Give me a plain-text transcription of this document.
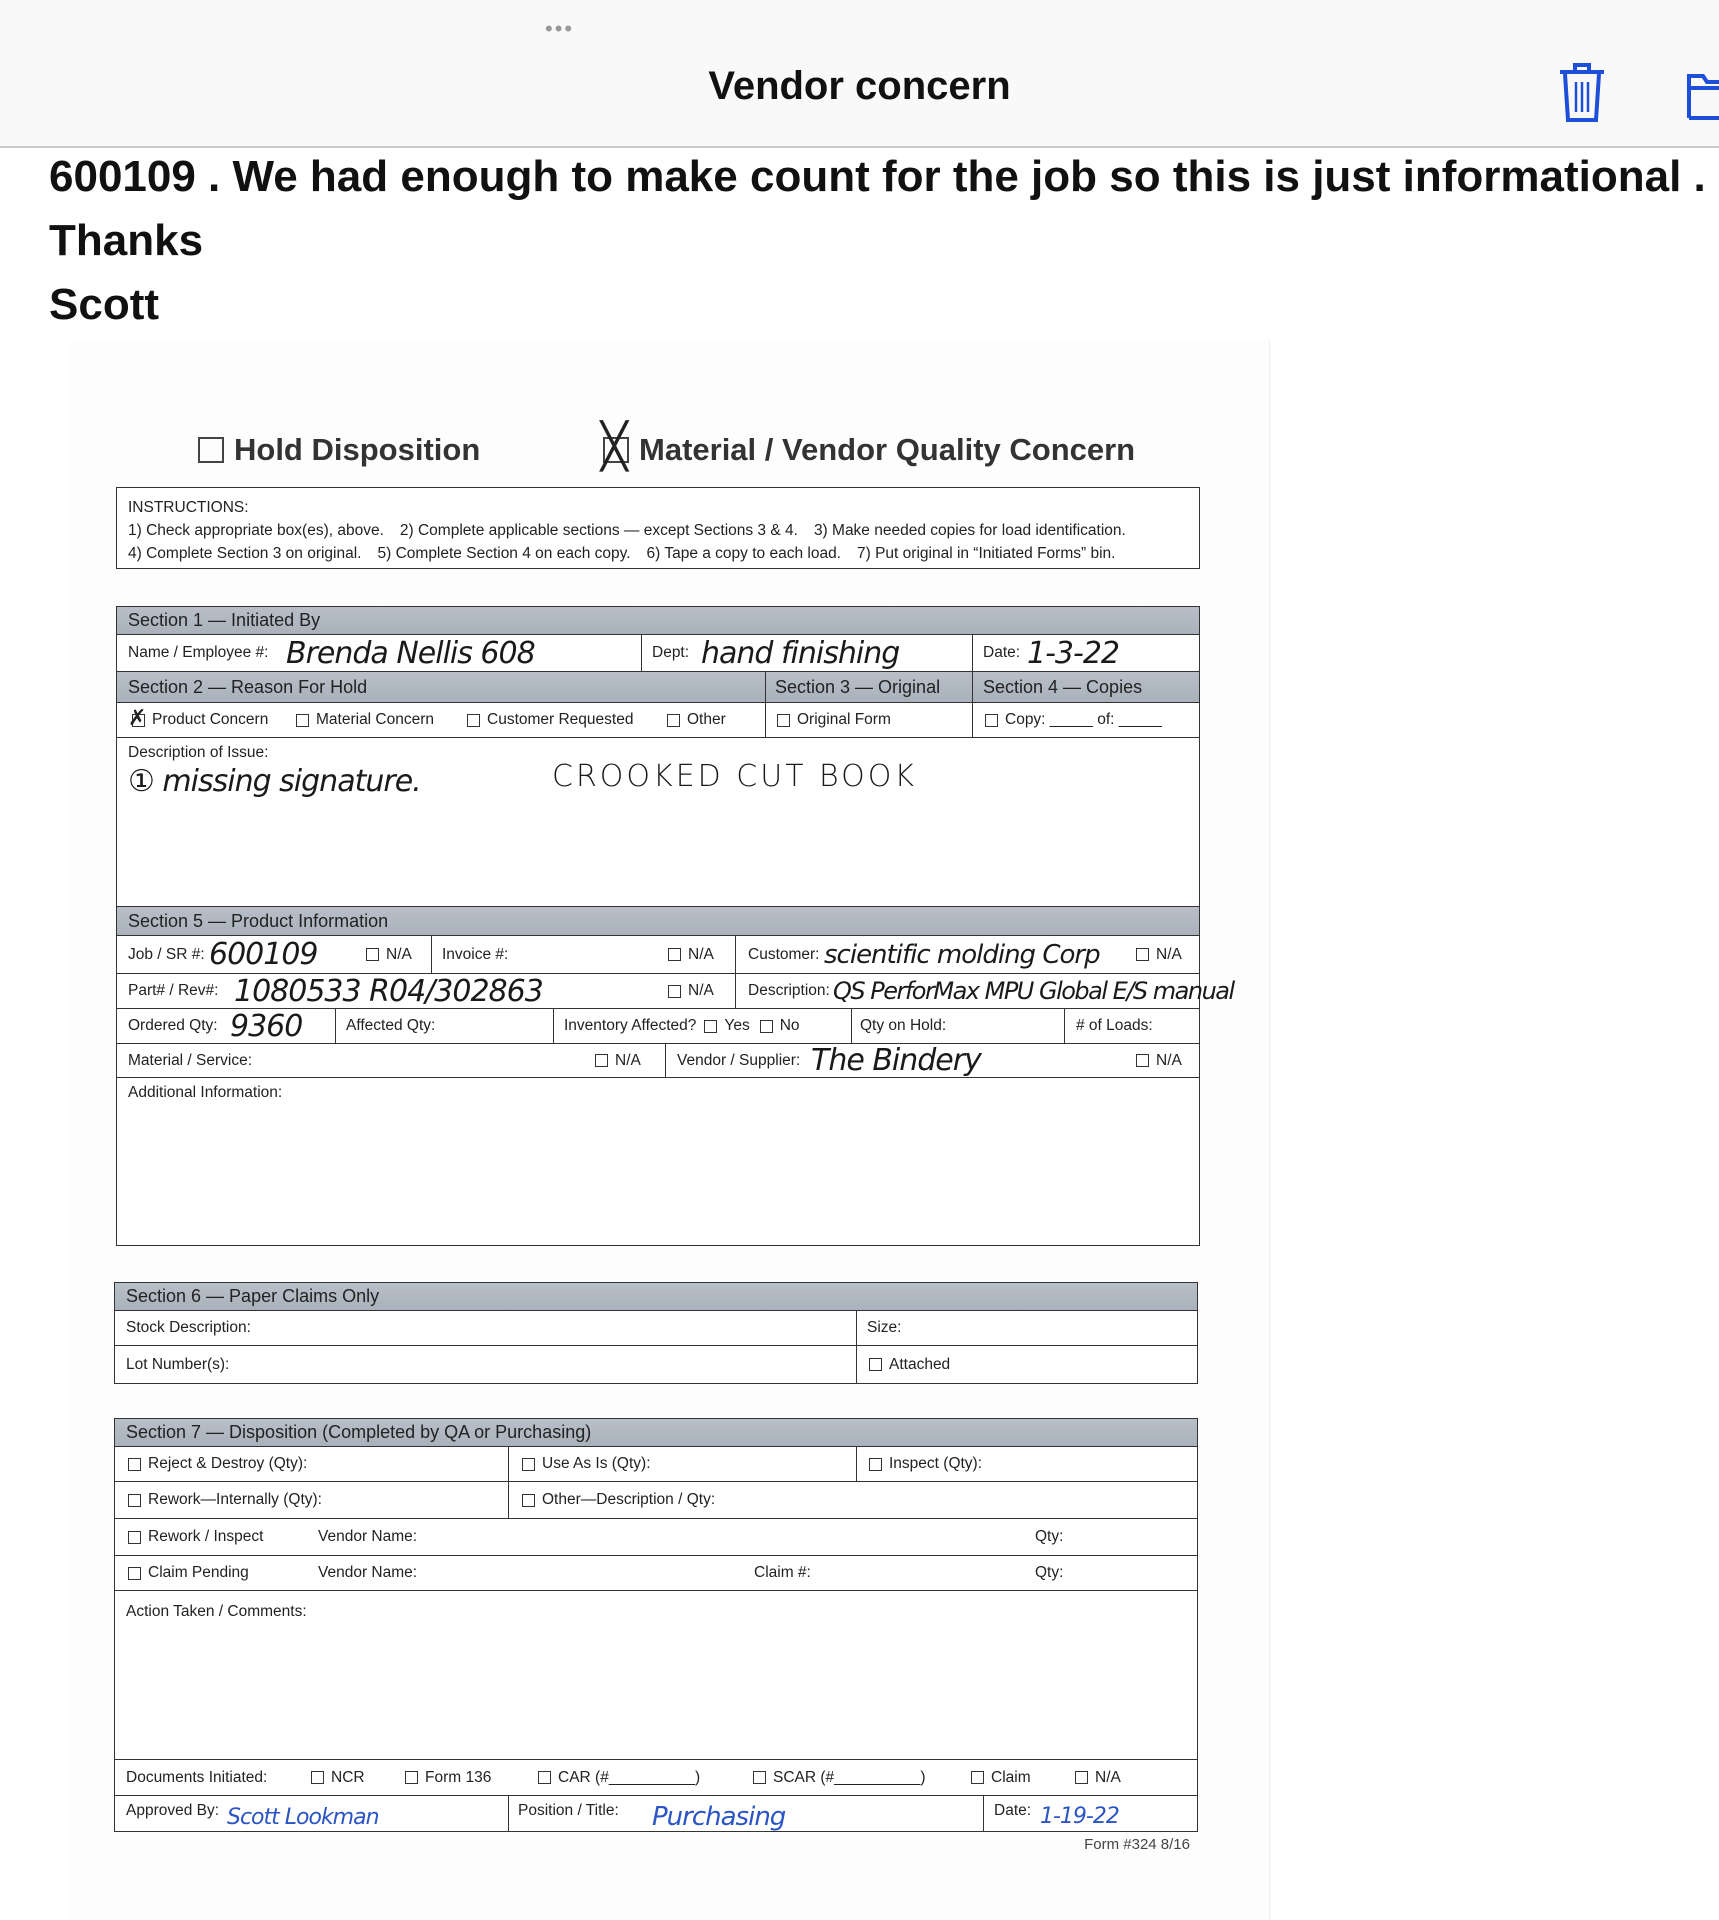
•••
Vendor concern
600109 . We had enough to make count for the job so this is just informational .
Thanks
Scott
Hold Disposition	╳ Material / Vendor Quality Concern
INSTRUCTIONS:
1) Check appropriate box(es), above. 2) Complete applicable sections — except Sections 3 & 4. 3) Make needed copies for load identification.
4) Complete Section 3 on original. 5) Complete Section 4 on each copy. 6) Tape a copy to each load. 7) Put original in “Initiated Forms” bin.
Section 1 — Initiated By
Name / Employee #: Brenda Nellis 608	Dept: hand finishing	Date: 1-3-22
Section 2 — Reason For Hold	Section 3 — Original Section 4 — Copies
✗
Product Concern	Material Concern	Customer Requested	Other	Original Form	Copy: _____ of: _____
Description of Issue:
① missing signature.	CROOKED CUT BOOK
Section 5 — Product Information
Job / SR #: 600109	N/A Invoice #:	N/A Customer: scientific molding Corp	N/A
Part# / Rev#: 1080533 R04/302863	N/A Description: QS PerforMax MPU Global E/S manual
Ordered Qty: 9360	Affected Qty:	Inventory Affected? Yes No	Qty on Hold:	# of Loads:
Material / Service:	N/A Vendor / Supplier: The Bindery	N/A
Additional Information:
Section 6 — Paper Claims Only
Stock Description:	Size:
Lot Number(s):	Attached
Section 7 — Disposition (Completed by QA or Purchasing)
Reject & Destroy (Qty):	Use As Is (Qty):	Inspect (Qty):
Rework—Internally (Qty):	Other—Description / Qty:
Rework / Inspect	Vendor Name:	Qty:
Claim Pending	Vendor Name:	Claim #:	Qty:
Action Taken / Comments:
Documents Initiated:	NCR	Form 136	CAR (#__________)	SCAR (#__________)	Claim	N/A
Approved By: Scott Lookman	Position / Title: Purchasing	Date: 1-19-22
Form #324 8/16
